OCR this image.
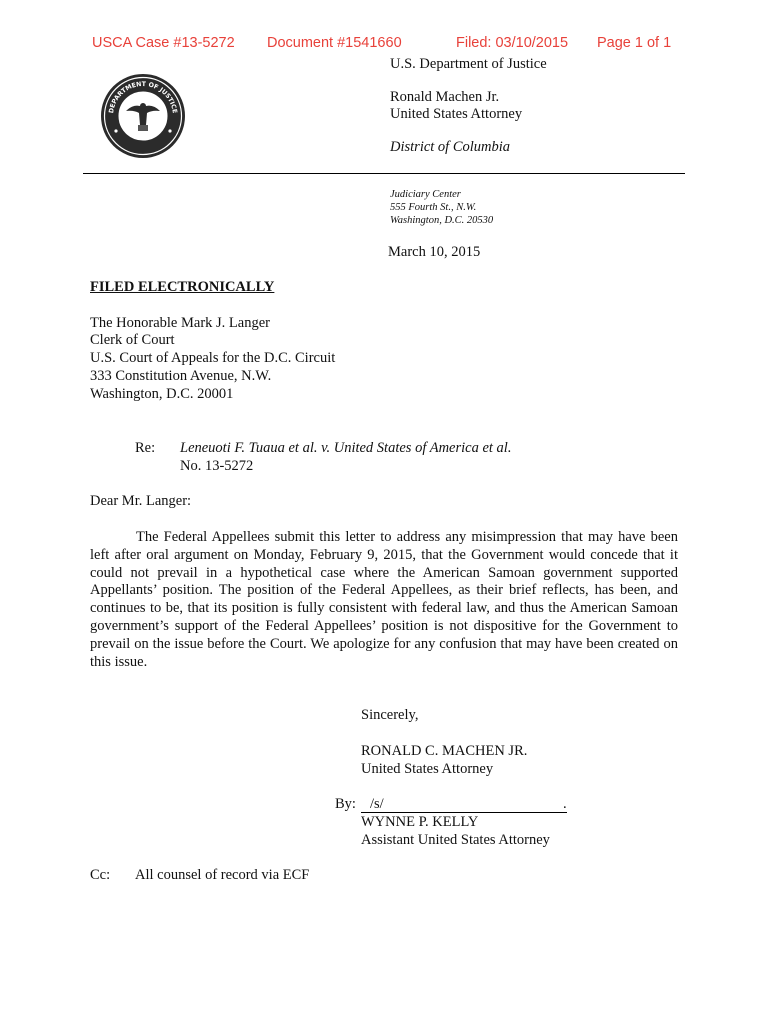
USCA Case #13-5272 Document #1541660	Filed: 03/10/2015 Page 1 of 1
DEPARTMENT OF JUSTICE
U.S. Department of Justice
Ronald Machen Jr.
United States Attorney
District of Columbia
Judiciary Center
555 Fourth St., N.W.
Washington, D.C. 20530
March 10, 2015
FILED ELECTRONICALLY
The Honorable Mark J. Langer
Clerk of Court
U.S. Court of Appeals for the D.C. Circuit
333 Constitution Avenue, N.W.
Washington, D.C. 20001
Re: Leneuoti F. Tuaua et al. v. United States of America et al.
No. 13-5272
Dear Mr. Langer:
The Federal Appellees submit this letter to address any misimpression that may have been left after oral argument on Monday, February 9, 2015, that the Government would concede that it could not prevail in a hypothetical case where the American Samoan government supported Appellants’ position. The position of the Federal Appellees, as their brief reflects, has been, and continues to be, that its position is fully consistent with federal law, and thus the American Samoan government’s support of the Federal Appellees’ position is not dispositive for the Government to prevail on the issue before the Court. We apologize for any confusion that may have been created on this issue.
Sincerely,
RONALD C. MACHEN JR.
United States Attorney
By: /s/	.
WYNNE P. KELLY
Assistant United States Attorney
Cc: All counsel of record via ECF
